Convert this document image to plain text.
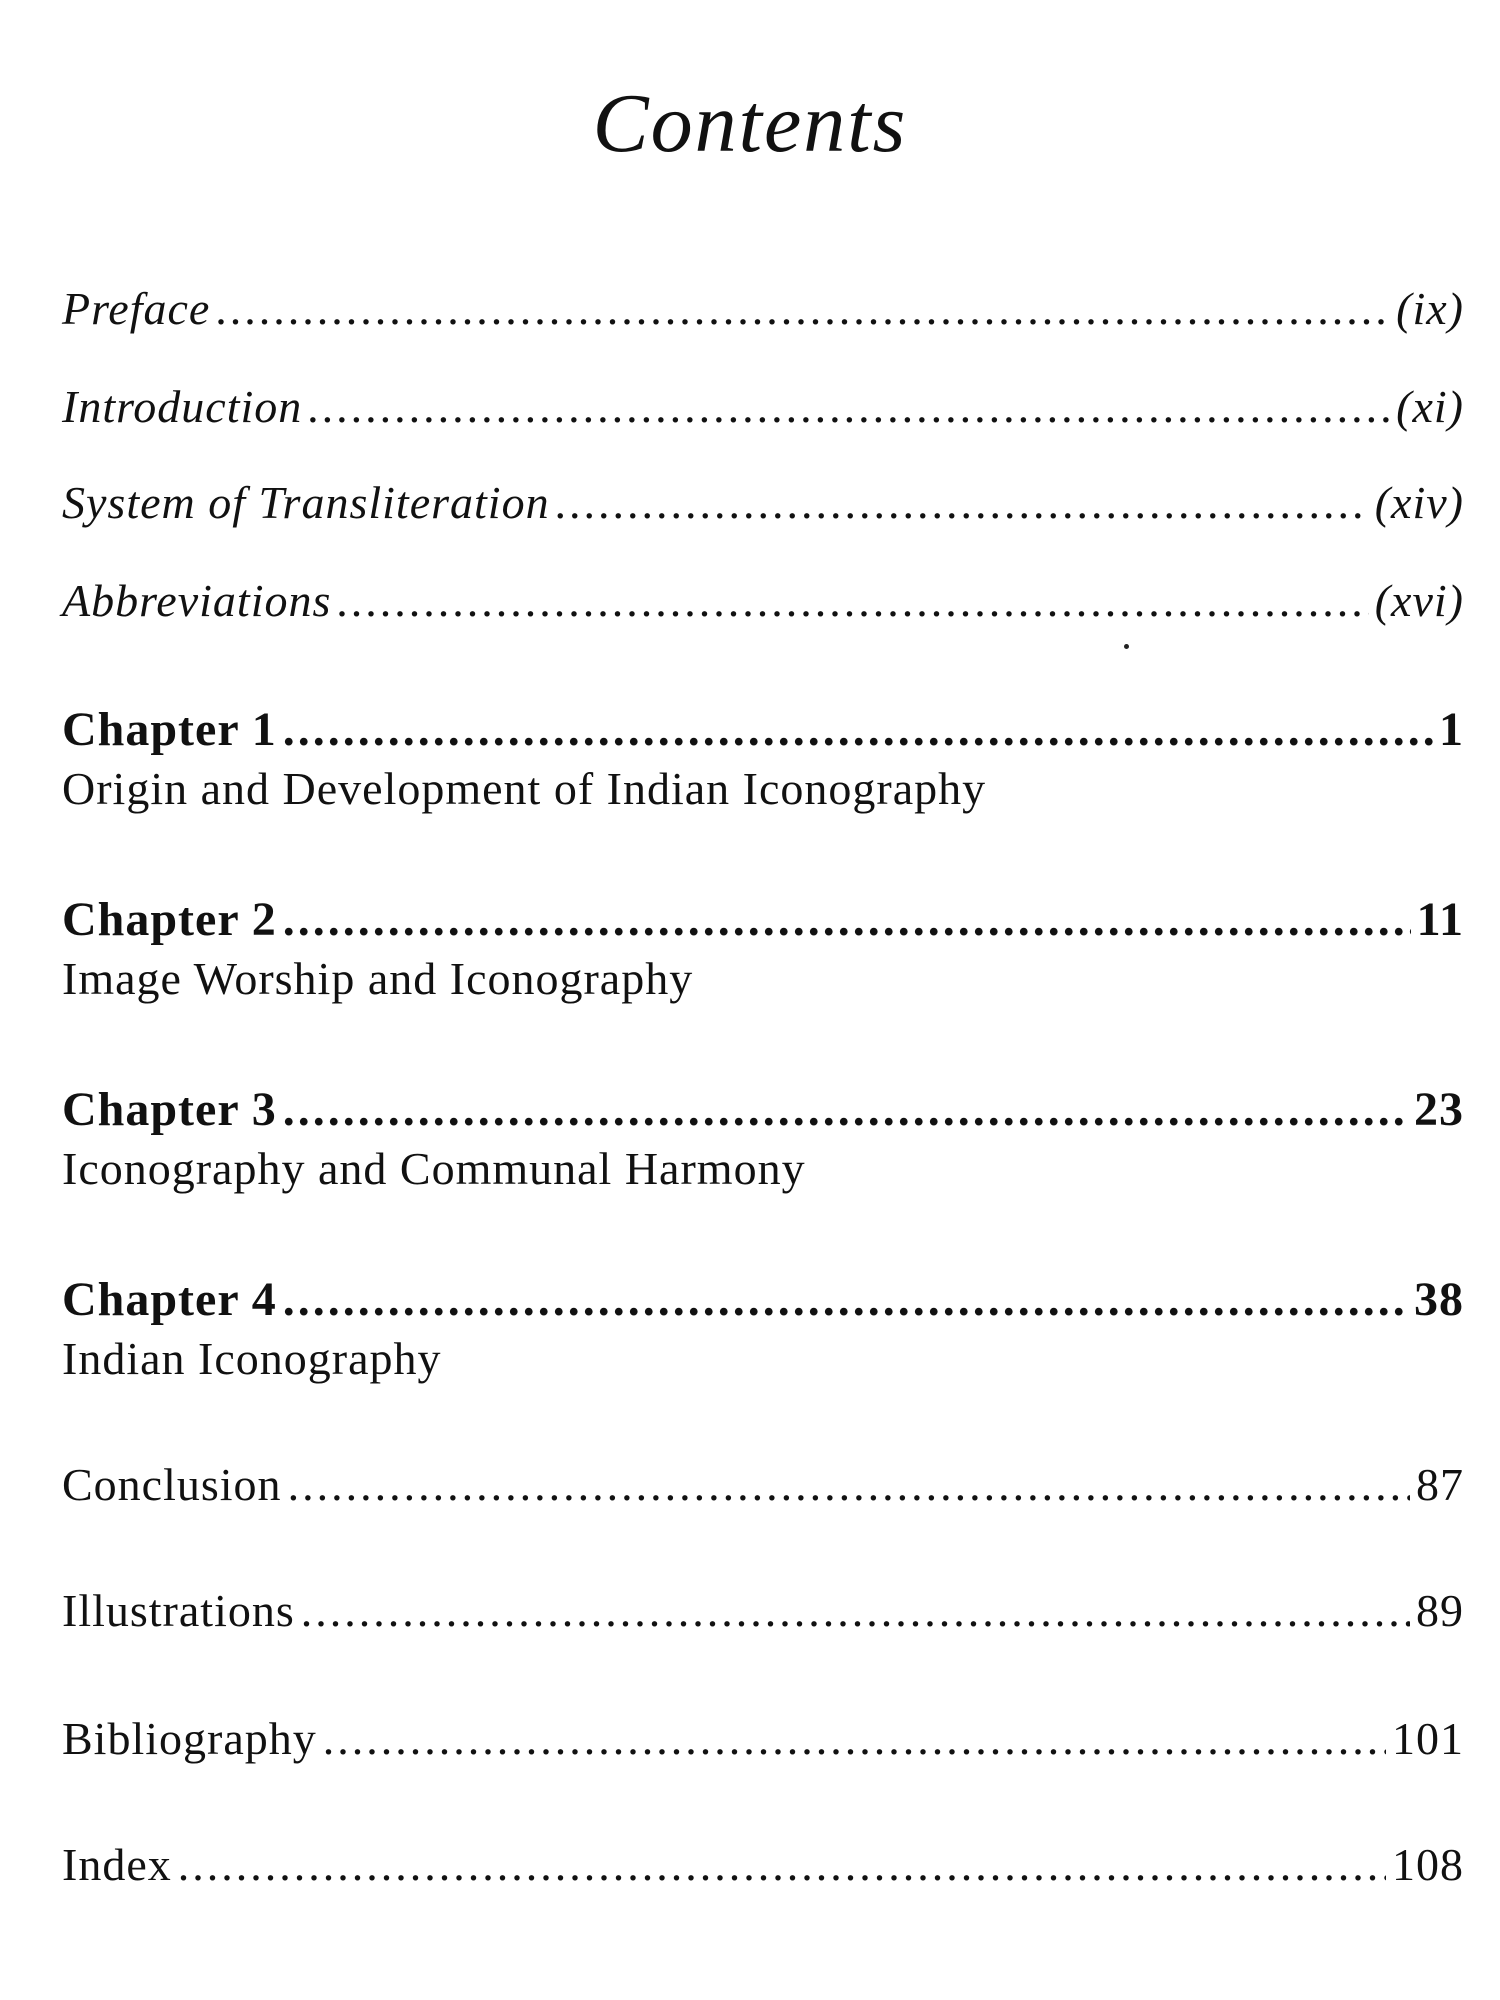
Contents
Preface .....	(ix)
Introduction .....	(xi)
System of Transliteration .....	(xiv)
Abbreviations .....	(xvi)
Chapter 1 .....	1
Origin and Development of Indian Iconography
Chapter 2 .....	11
Image Worship and Iconography
Chapter 3 .....	23
Iconography and Communal Harmony
Chapter 4 .....	38
Indian Iconography
Conclusion .....	87
Illustrations .....	89
Bibliography .....	101
Index .....	108
